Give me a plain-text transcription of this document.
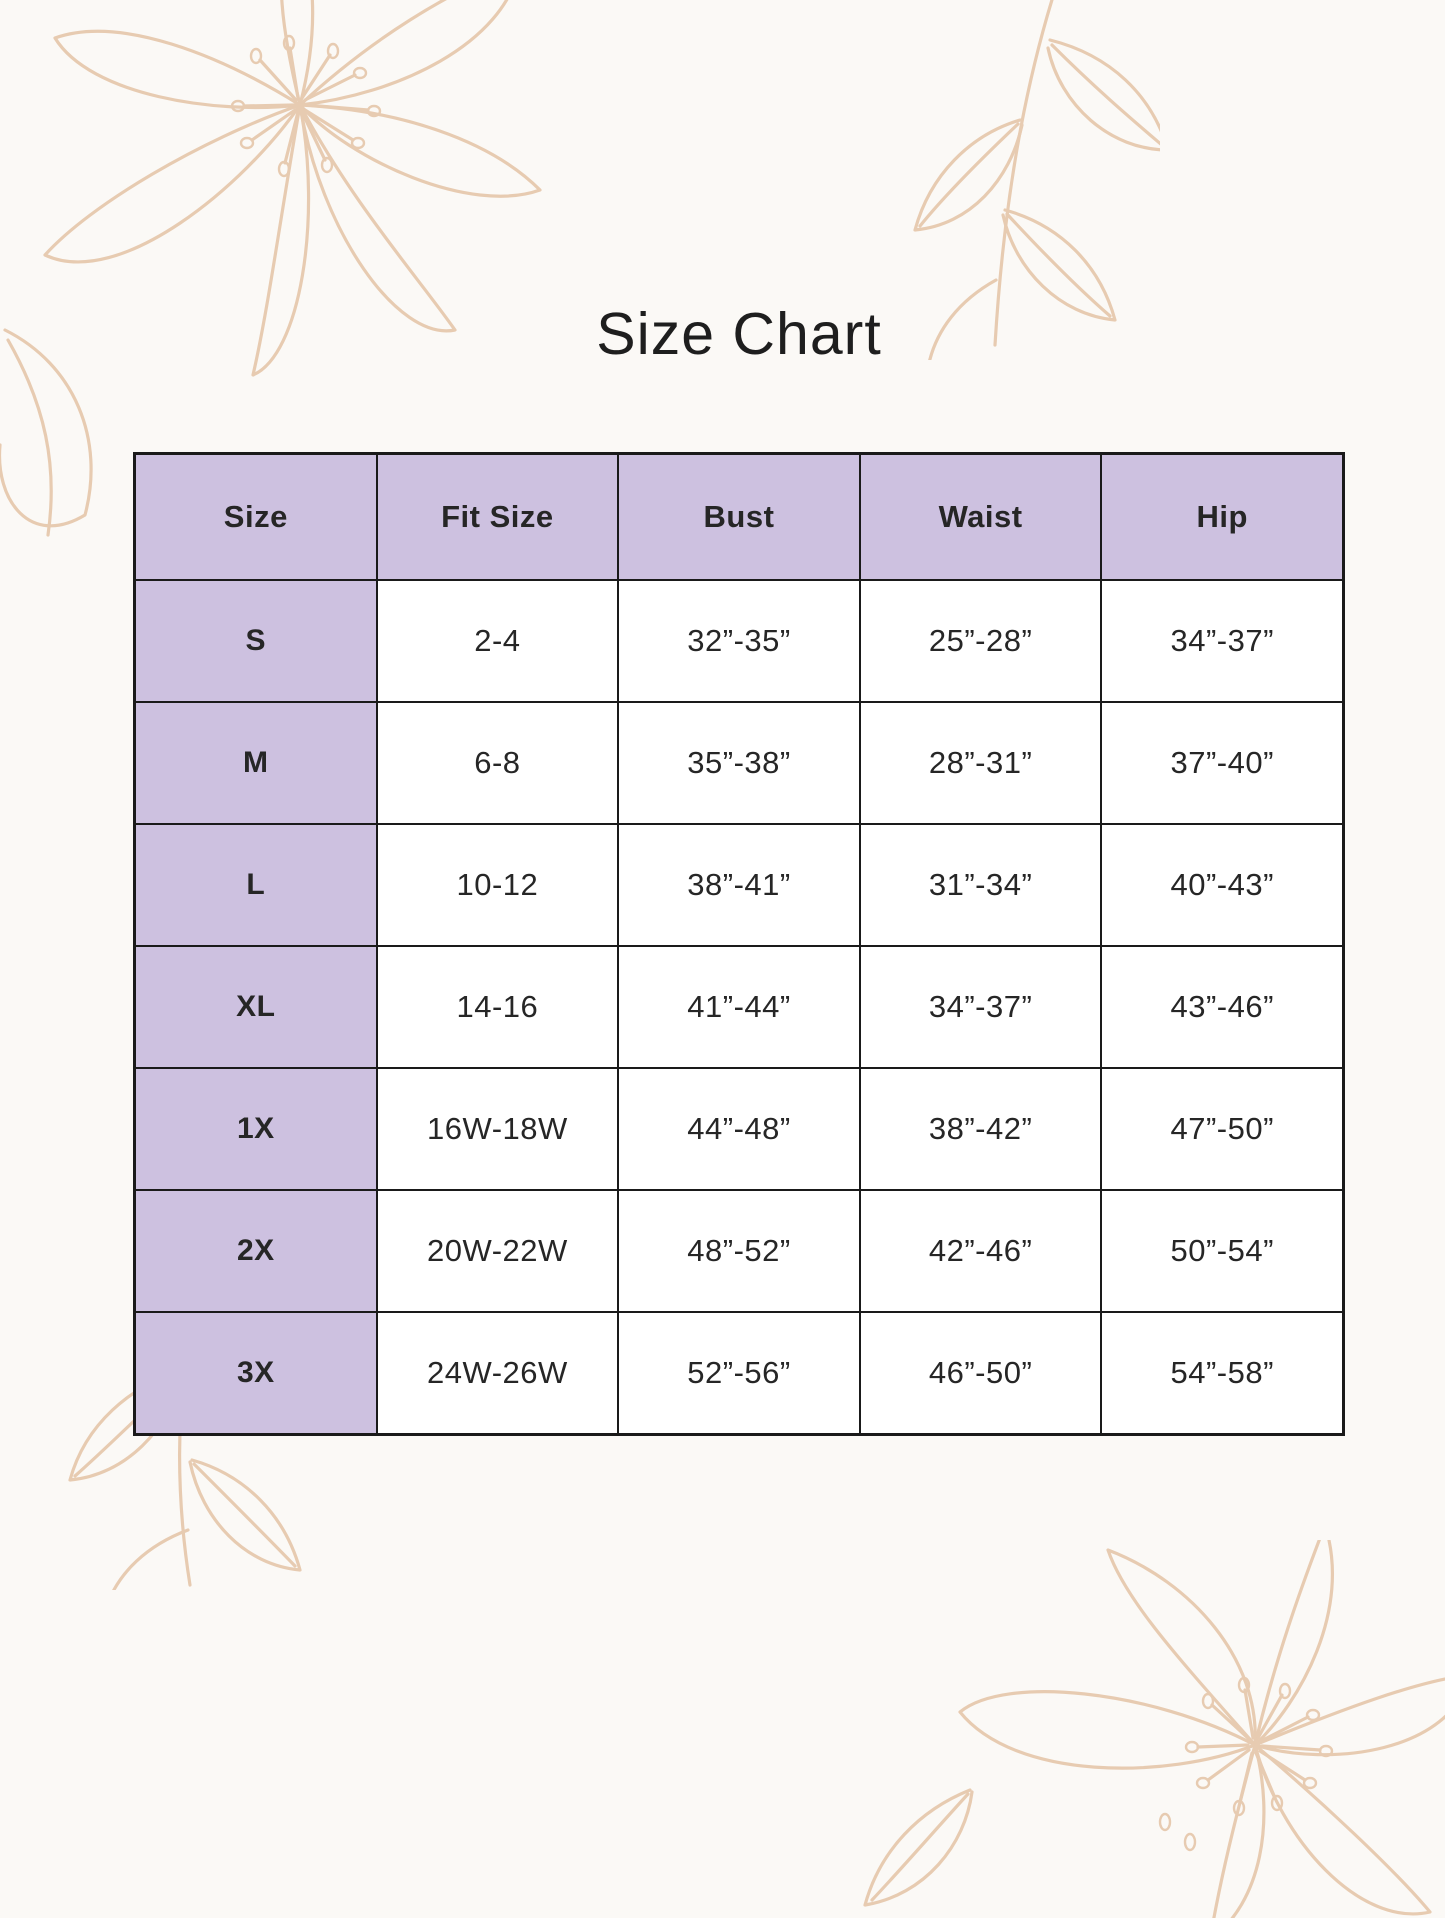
Size Chart
Size	Fit Size	Bust	Waist	Hip
S	2-4	32”-35”	25”-28”	34”-37”
M	6-8	35”-38”	28”-31”	37”-40”
L	10-12	38”-41”	31”-34”	40”-43”
XL	14-16	41”-44”	34”-37”	43”-46”
1X	16W-18W	44”-48”	38”-42”	47”-50”
2X	20W-22W	48”-52”	42”-46”	50”-54”
3X	24W-26W	52”-56”	46”-50”	54”-58”
